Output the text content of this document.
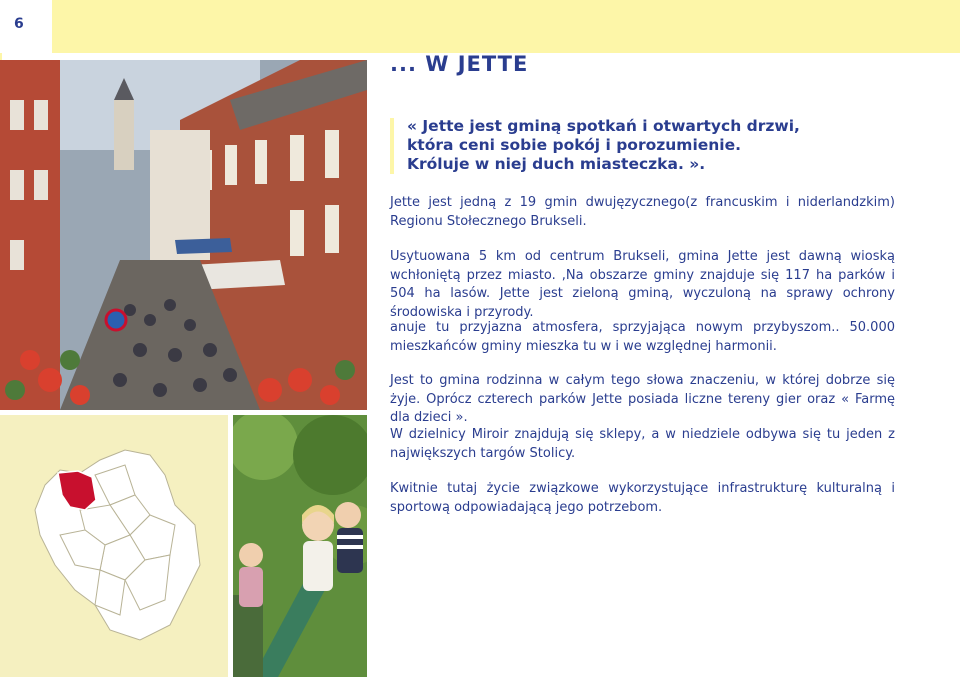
6
... W JETTE

« Jette jest gminą spotkań i otwartych drzwi,
która ceni sobie pokój i porozumienie.
Króluje w niej duch miasteczka. ».

Jette jest jedną z 19 gmin dwujęzycznego(z francuskim i niderlandzkim) Regionu Stołecznego Brukseli.

Usytuowana 5 km od centrum Brukseli, gmina Jette jest dawną wioską wchłoniętą przez miasto. ,Na obszarze gminy znajduje się 117 ha parków i 504 ha lasów. Jette jest zieloną gminą, wyczuloną na sprawy ochrony środowiska i przyrody.

anuje tu przyjazna atmosfera, sprzyjająca nowym przybyszom.. 50.000 mieszkańców gminy mieszka tu w i we względnej harmonii.

Jest to gmina rodzinna w całym tego słowa znaczeniu, w której dobrze się żyje. Oprócz czterech parków Jette posiada liczne tereny gier oraz « Farmę dla dzieci ».

W dzielnicy Miroir znajdują się sklepy, a w niedziele odbywa się tu jeden z największych targów Stolicy.

Kwitnie tutaj życie związkowe wykorzystujące infrastrukturę kulturalną i sportową odpowiadającą jego potrzebom.
